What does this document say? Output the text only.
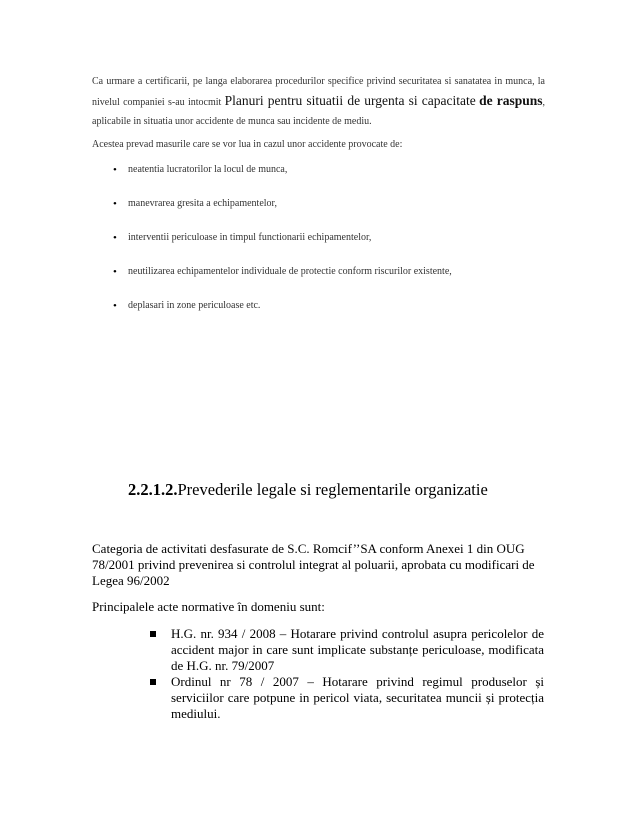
Ca urmare a certificarii, pe langa elaborarea procedurilor specifice privind securitatea si sanatatea in munca, la nivelul companiei s-au intocmit Planuri pentru situatii de urgenta si capacitate de raspuns, aplicabile in situatia unor accidente de munca sau incidente de mediu.

Acestea prevad masurile care se vor lua in cazul unor accidente provocate de:

• neatentia lucratorilor la locul de munca,
• manevrarea gresita a echipamentelor,
• interventii periculoase in timpul functionarii echipamentelor,
• neutilizarea echipamentelor individuale de protectie conform riscurilor existente,
• deplasari in zone periculoase etc.
2.2.1.2.Prevederile legale si reglementarile organizatie

Categoria de activitati desfasurate de S.C. Romcif’’SA conform Anexei 1 din OUG 78/2001 privind prevenirea si controlul integrat al poluarii, aprobata cu modificari de Legea 96/2002

Principalele acte normative în domeniu sunt:

H.G. nr. 934 / 2008 – Hotarare privind controlul asupra pericolelor de accident major in care sunt implicate substanțe periculoase, modificata de H.G. nr. 79/2007
Ordinul nr 78 / 2007 – Hotarare privind regimul produselor și serviciilor care potpune in pericol viata, securitatea muncii și protecția mediului.
